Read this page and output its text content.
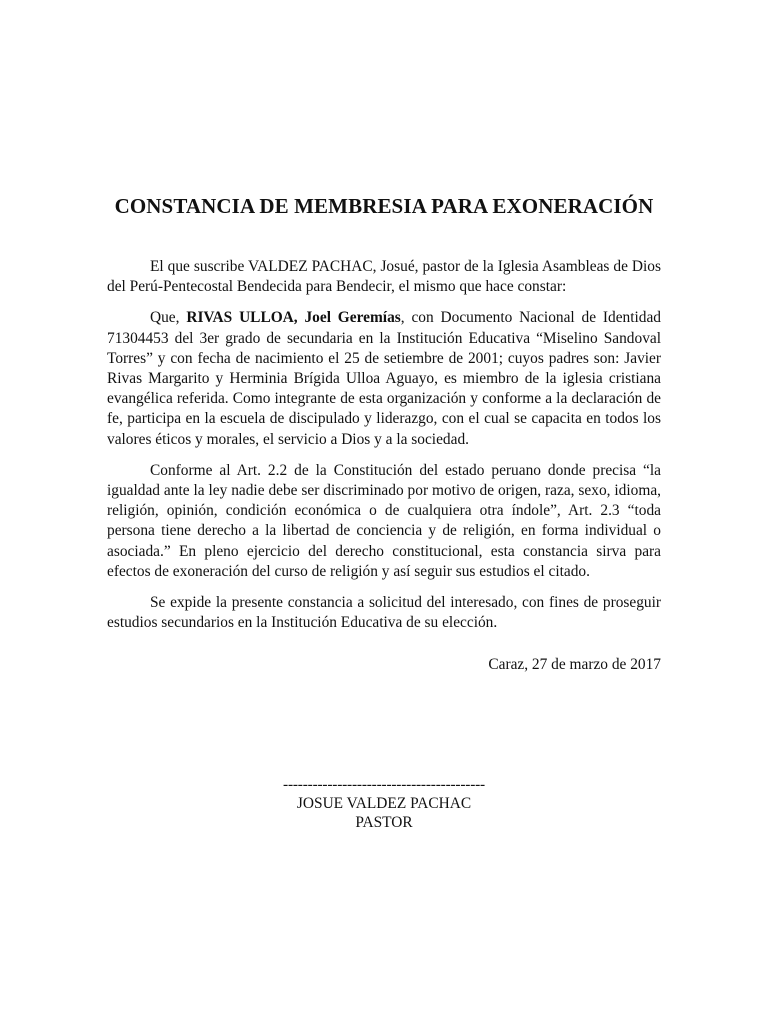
CONSTANCIA DE MEMBRESIA PARA EXONERACIÓN

El que suscribe VALDEZ PACHAC, Josué, pastor de la Iglesia Asambleas de Dios del Perú-Pentecostal Bendecida para Bendecir, el mismo que hace constar:

Que, RIVAS ULLOA, Joel Geremías, con Documento Nacional de Identidad 71304453 del 3er grado de secundaria en la Institución Educativa “Miselino Sandoval Torres” y con fecha de nacimiento el 25 de setiembre de 2001; cuyos padres son: Javier Rivas Margarito y Herminia Brígida Ulloa Aguayo, es miembro de la iglesia cristiana evangélica referida. Como integrante de esta organización y conforme a la declaración de fe, participa en la escuela de discipulado y liderazgo, con el cual se capacita en todos los valores éticos y morales, el servicio a Dios y a la sociedad.

Conforme al Art. 2.2 de la Constitución del estado peruano donde precisa “la igualdad ante la ley nadie debe ser discriminado por motivo de origen, raza, sexo, idioma, religión, opinión, condición económica o de cualquiera otra índole”, Art. 2.3 “toda persona tiene derecho a la libertad de conciencia y de religión, en forma individual o asociada.” En pleno ejercicio del derecho constitucional, esta constancia sirva para efectos de exoneración del curso de religión y así seguir sus estudios el citado.

Se expide la presente constancia a solicitud del interesado, con fines de proseguir estudios secundarios en la Institución Educativa de su elección.

Caraz, 27 de marzo de 2017
-----------------------------------------
JOSUE VALDEZ PACHAC
PASTOR
